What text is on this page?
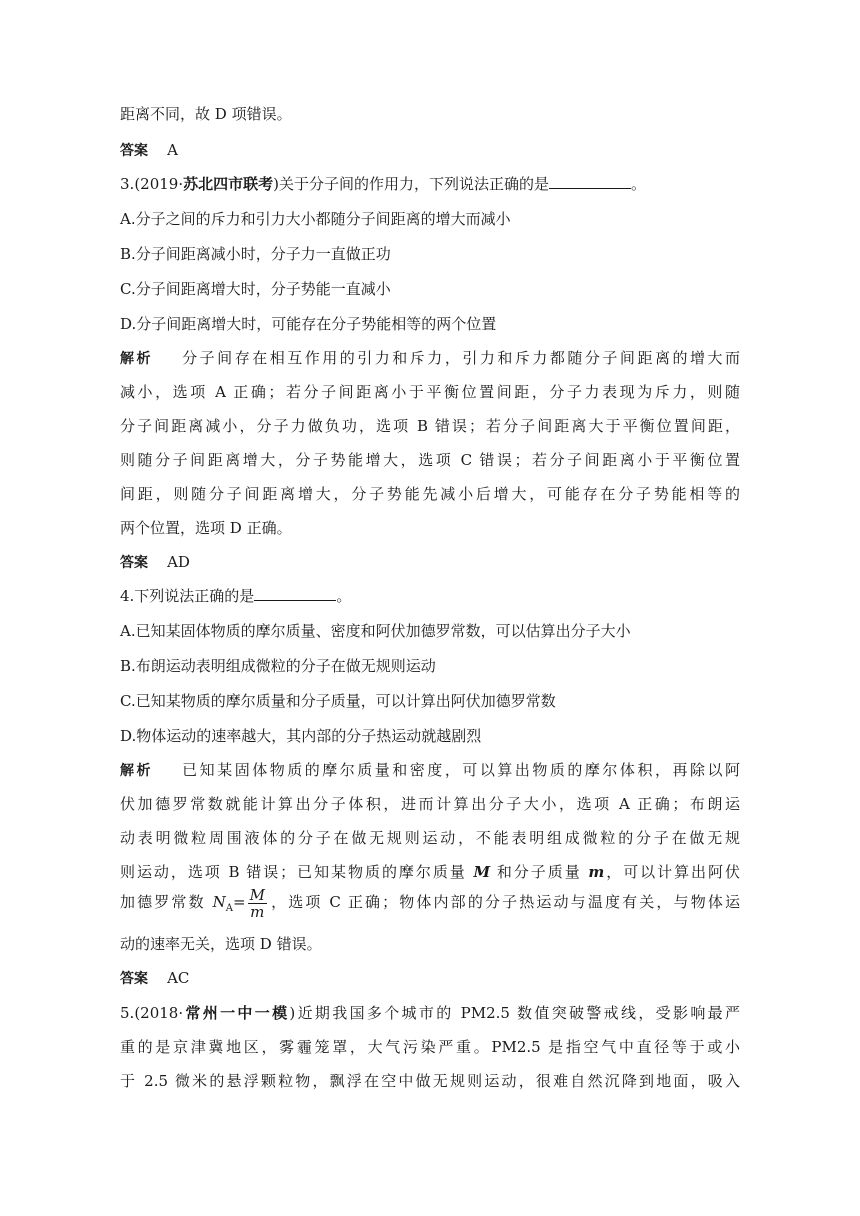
距离不同，故 D 项错误。
答案 A
3.(2019·苏北四市联考)关于分子间的作用力，下列说法正确的是	。
A.分子之间的斥力和引力大小都随分子间距离的增大而减小
B.分子间距离减小时，分子力一直做正功
C.分子间距离增大时，分子势能一直减小
D.分子间距离增大时，可能存在分子势能相等的两个位置
解析 分子间存在相互作用的引力和斥力，引力和斥力都随分子间距离的增大而
减小，选项 A 正确；若分子间距离小于平衡位置间距，分子力表现为斥力，则随
分子间距离减小，分子力做负功，选项 B 错误；若分子间距离大于平衡位置间距，
则随分子间距离增大，分子势能增大，选项 C 错误；若分子间距离小于平衡位置
间距，则随分子间距离增大，分子势能先减小后增大，可能存在分子势能相等的
两个位置，选项 D 正确。
答案 AD
4.下列说法正确的是	。
A.已知某固体物质的摩尔质量、密度和阿伏加德罗常数，可以估算出分子大小
B.布朗运动表明组成微粒的分子在做无规则运动
C.已知某物质的摩尔质量和分子质量，可以计算出阿伏加德罗常数
D.物体运动的速率越大，其内部的分子热运动就越剧烈
解析 已知某固体物质的摩尔质量和密度，可以算出物质的摩尔体积，再除以阿
伏加德罗常数就能计算出分子体积，进而计算出分子大小，选项 A 正确；布朗运
动表明微粒周围液体的分子在做无规则运动，不能表明组成微粒的分子在做无规
则运动，选项 B 错误；已知某物质的摩尔质量 M 和分子质量 m，可以计算出阿伏
加德罗常数 $N_A= \frac{M}{m}$ ，选项 C 正确；物体内部的分子热运动与温度有关，与物体运
动的速率无关，选项 D 错误。
答案 AC
5.(2018·常州一中一模)近期我国多个城市的 PM2.5 数值突破警戒线，受影响最严
重的是京津冀地区，雾霾笼罩，大气污染严重。PM2.5 是指空气中直径等于或小
于 2.5 微米的悬浮颗粒物，飘浮在空中做无规则运动，很难自然沉降到地面，吸入
